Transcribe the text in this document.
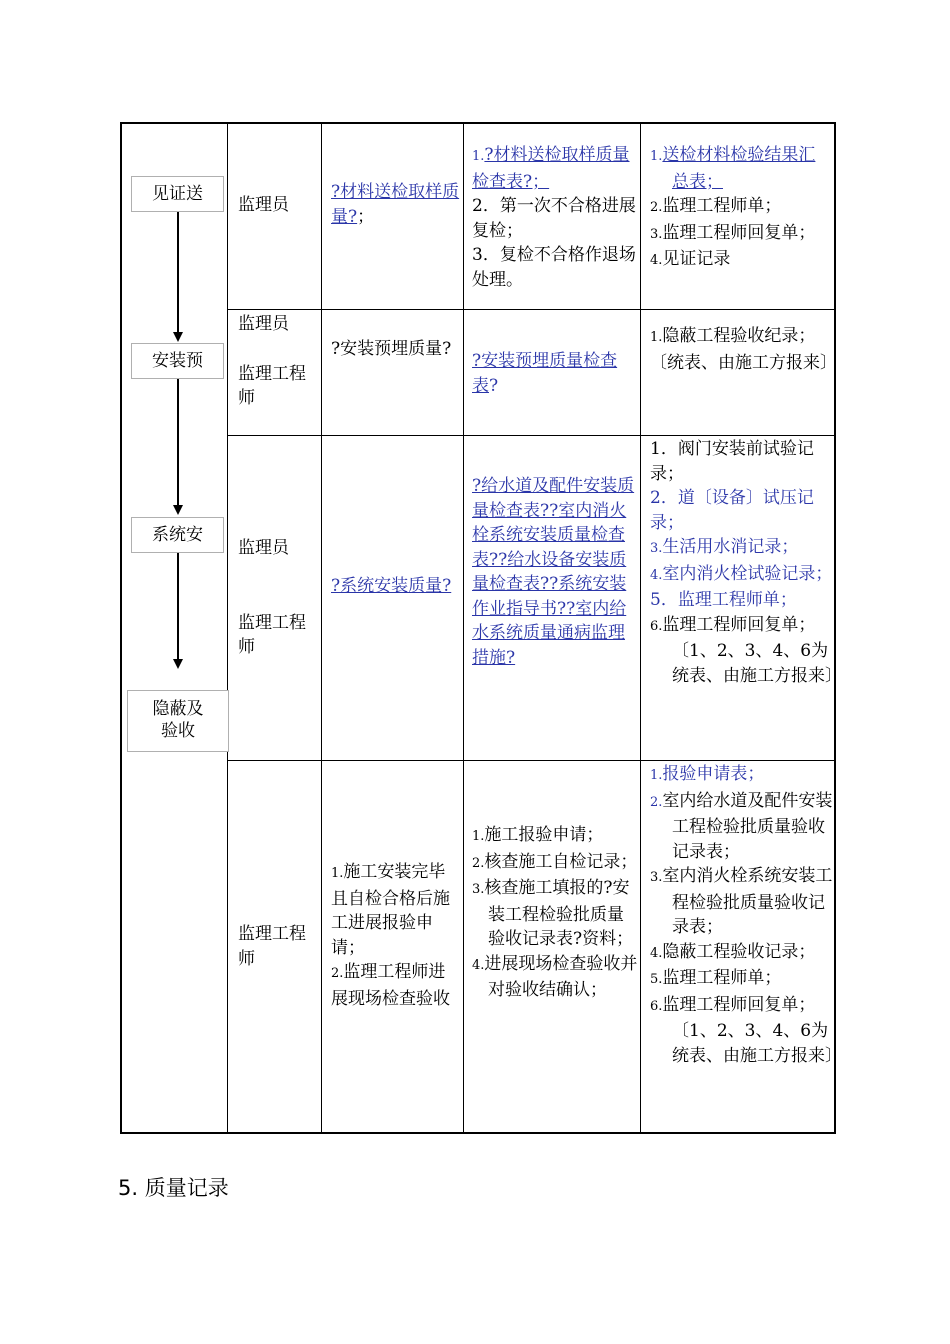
监理员
?材料送检取样质量?；
1.?材料送检取样质量检查表?；
2．第一次不合格进展复检；
3．复检不合格作退场处理。
1.送检材料检验结果汇总表；
2.监理工程师单；
3.监理工程师回复单；
4.见证记录
监理员
监理工程师
?安装预埋质量?
?安装预埋质量检查表?
1.隐蔽工程验收纪录；〔统表、由施工方报来〕
监理员
监理工程师
?系统安装质量?
?给水道及配件安装质量检查表??室内消火栓系统安装质量检查表??给水设备安装质量检查表??系统安装作业指导书??室内给水系统质量通病监理措施?
1．阀门安装前试验记录；
2．道〔设备〕试压记录；
3.生活用水消记录；
4.室内消火栓试验记录；
5．监理工程师单；
6.监理工程师回复单；
〔1、2、3、4、6为统表、由施工方报来〕
监理工程师
1.施工安装完毕且自检合格后施工进展报验申请；
2.监理工程师进展现场检查验收
1.施工报验申请；
2.核查施工自检记录；
3.核查施工填报的?安装工程检验批质量验收记录表?资料；
4.进展现场检查验收并对验收结确认；
1.报验申请表；
2.室内给水道及配件安装工程检验批质量验收记录表；
3.室内消火栓系统安装工程检验批质量验收记录表；
4.隐蔽工程验收记录；
5.监理工程师单；
6.监理工程师回复单；
〔1、2、3、4、6为统表、由施工方报来〕
见证送
安装预
系统安
隐蔽及
验收
5. 质量记录
